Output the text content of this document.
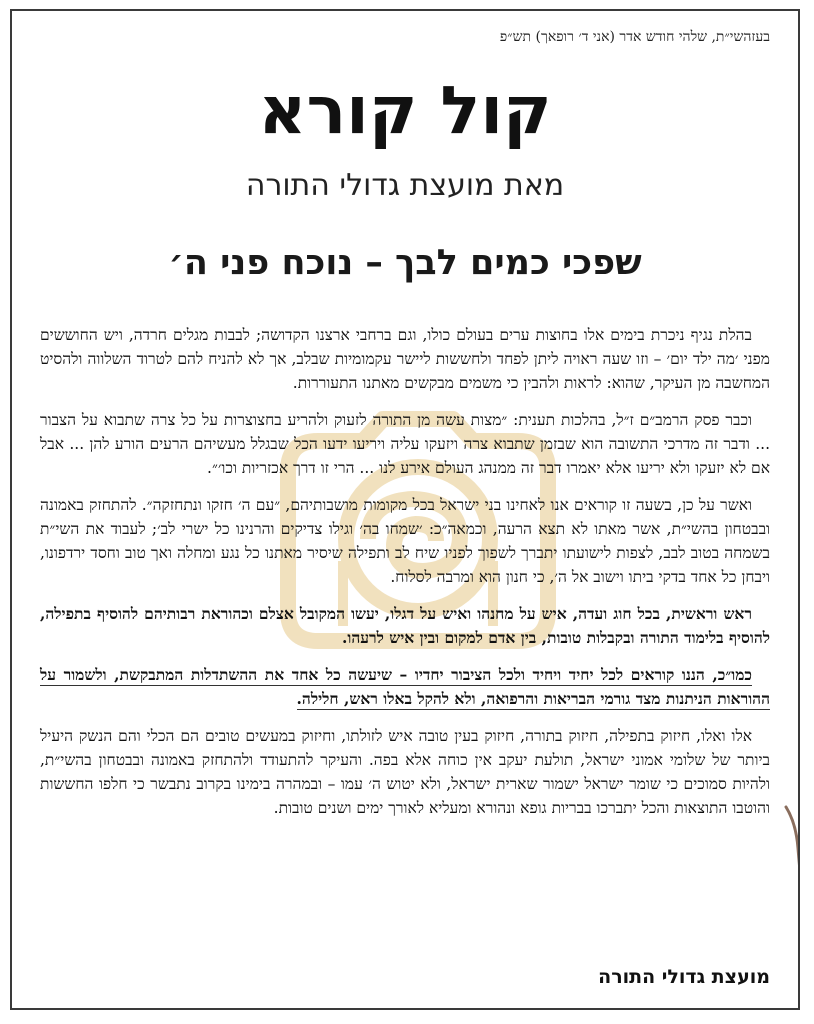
בעזהשי״ת, שלהי חודש אדר (אני ד׳ רופאך) תש״פ
קול קורא
מאת מועצת גדולי התורה
שפכי כמים לבך – נוכח פני ה׳

בהלת נגיף ניכרת בימים אלו בחוצות ערים בעולם כולו, וגם ברחבי ארצנו הקדושה; לבבות מגלים חרדה, ויש החוששים מפני ׳מה ילד יום׳ – וזו שעה ראויה ליתן לפחד ולחששות ליישר עקמומיות שבלב, אך לא להניח להם לטרוד השלווה ולהסיט המחשבה מן העיקר, שהוא: לראות ולהבין כי משמים מבקשים מאתנו התעוררות.

וכבר פסק הרמב״ם ז״ל, בהלכות תענית: ״מצות עשה מן התורה לזעוק ולהריע בחצוצרות על כל צרה שתבוא על הצבור ... ודבר זה מדרכי התשובה הוא שבזמן שתבוא צרה ויזעקו עליה ויריעו ידעו הכל שבגלל מעשיהם הרעים הורע להן ... אבל אם לא יזעקו ולא יריעו אלא יאמרו דבר זה ממנהג העולם אירע לנו ... הרי זו דרך אכזריות וכו׳״.

ואשר על כן, בשעה זו קוראים אנו לאחינו בני ישראל בכל מקומות מושבותיהם, ״עם ה׳ חזקו ונתחזקה״. להתחזק באמונה ובבטחון בהשי״ת, אשר מאתו לא תצא הרעה, וכמאה״כ: ׳שמחו בה׳ וגילו צדיקים והרנינו כל ישרי לב׳; לעבוד את השי״ת בשמחה בטוב לבב, לצפות לישועתו יתברך לשפוך לפניו שיח לב ותפילה שיסיר מאתנו כל נגע ומחלה ואך טוב וחסד ירדפונו, ויבחן כל אחד בדקי ביתו וישוב אל ה׳, כי חנון הוא ומרבה לסלוח.

ראש וראשית, בכל חוג ועדה, איש על מחנהו ואיש על דגלו, יעשו המקובל אצלם וכהוראת רבותיהם להוסיף בתפילה, להוסיף בלימוד התורה ובקבלות טובות, בין אדם למקום ובין איש לרעהו.

כמו״כ, הננו קוראים לכל יחיד ויחיד ולכל הציבור יחדיו – שיעשה כל אחד את ההשתדלות המתבקשת, ולשמור על ההוראות הניתנות מצד גורמי הבריאות והרפואה, ולא להקל באלו ראש, חלילה.

אלו ואלו, חיזוק בתפילה, חיזוק בתורה, חיזוק בעין טובה איש לזולתו, וחיזוק במעשים טובים הם הכלי והם הנשק היעיל ביותר של שלומי אמוני ישראל, תולעת יעקב אין כוחה אלא בפה. והעיקר להתעודד ולהתחזק באמונה ובבטחון בהשי״ת, ולהיות סמוכים כי שומר ישראל ישמור שארית ישראל, ולא יטוש ה׳ עמו – ובמהרה בימינו בקרוב נתבשר כי חלפו החששות והוטבו התוצאות והכל יתברכו בבריות גופא ונהורא ומעליא לאורך ימים ושנים טובות.

מועצת גדולי התורה
